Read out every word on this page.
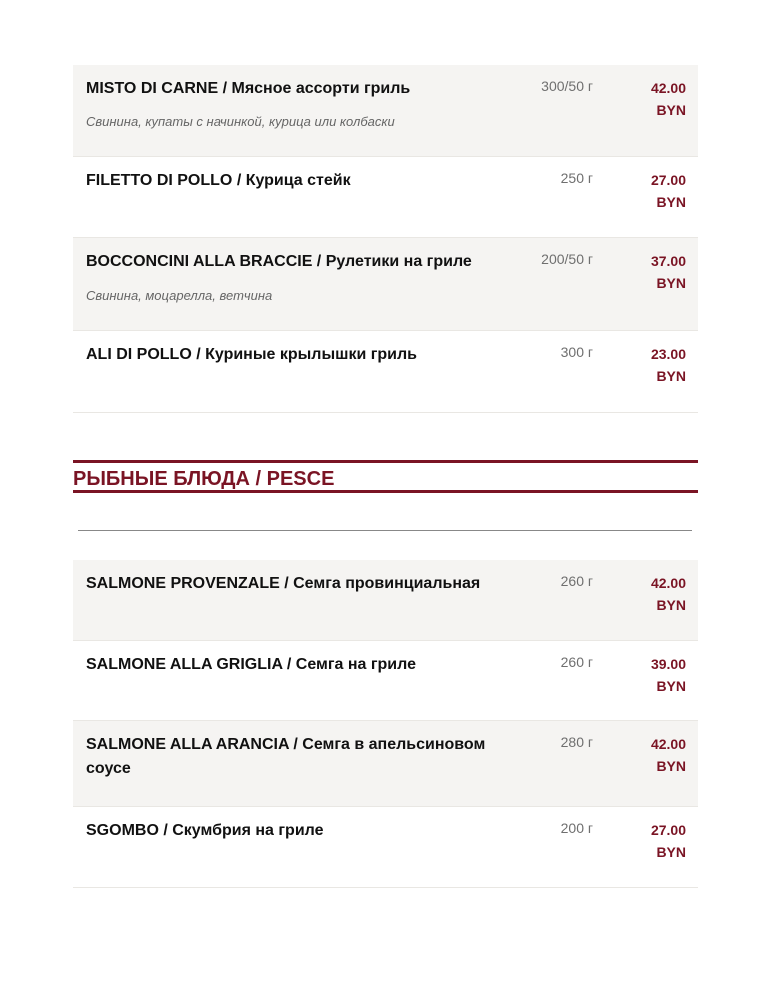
MISTO DI CARNE / Мясное ассорти гриль
Свинина, купаты с начинкой, курица или колбаски
300/50 г	42.00
BYN
FILETTO DI POLLO / Курица стейк	250 г	27.00
BYN
BOCCONCINI ALLA BRACCIE / Рулетики на гриле
Свинина, моцарелла, ветчина
200/50 г	37.00
BYN
ALI DI POLLO / Куриные крылышки гриль	300 г	23.00
BYN
РЫБНЫЕ БЛЮДА / PESCE
SALMONE PROVENZALE / Семга провинциальная	260 г	42.00
BYN
SALMONE ALLA GRIGLIA / Семга на гриле	260 г	39.00
BYN
SALMONE ALLA ARANCIA / Семга в апельсиновом соусе
280 г	42.00
BYN
SGOMBO / Скумбрия на гриле	200 г	27.00
BYN
